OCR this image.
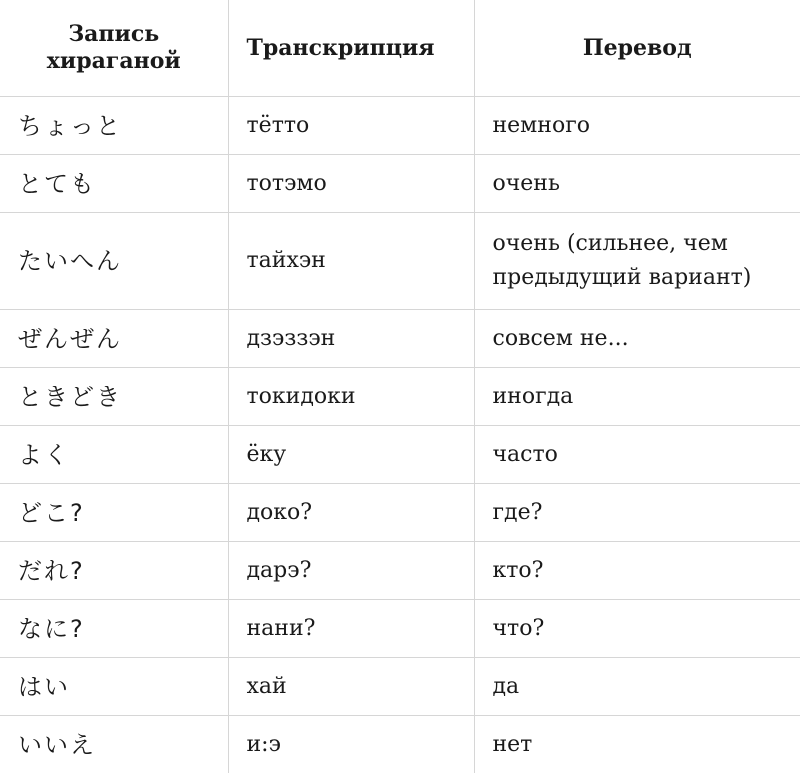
Запись
хираганой	Транскрипция	Перевод
ちょっと	тётто	немного
とても	тотэмо	очень
たいへん	тайхэн	очень (сильнее, чем предыдущий вариант)
ぜんぜん	дзэззэн	совсем не...
ときどき	токидоки	иногда
よく	ёку	часто
どこ?	доко?	где?
だれ?	дарэ?	кто?
なに?	нани?	что?
はい	хай	да
いいえ	и:э	нет
